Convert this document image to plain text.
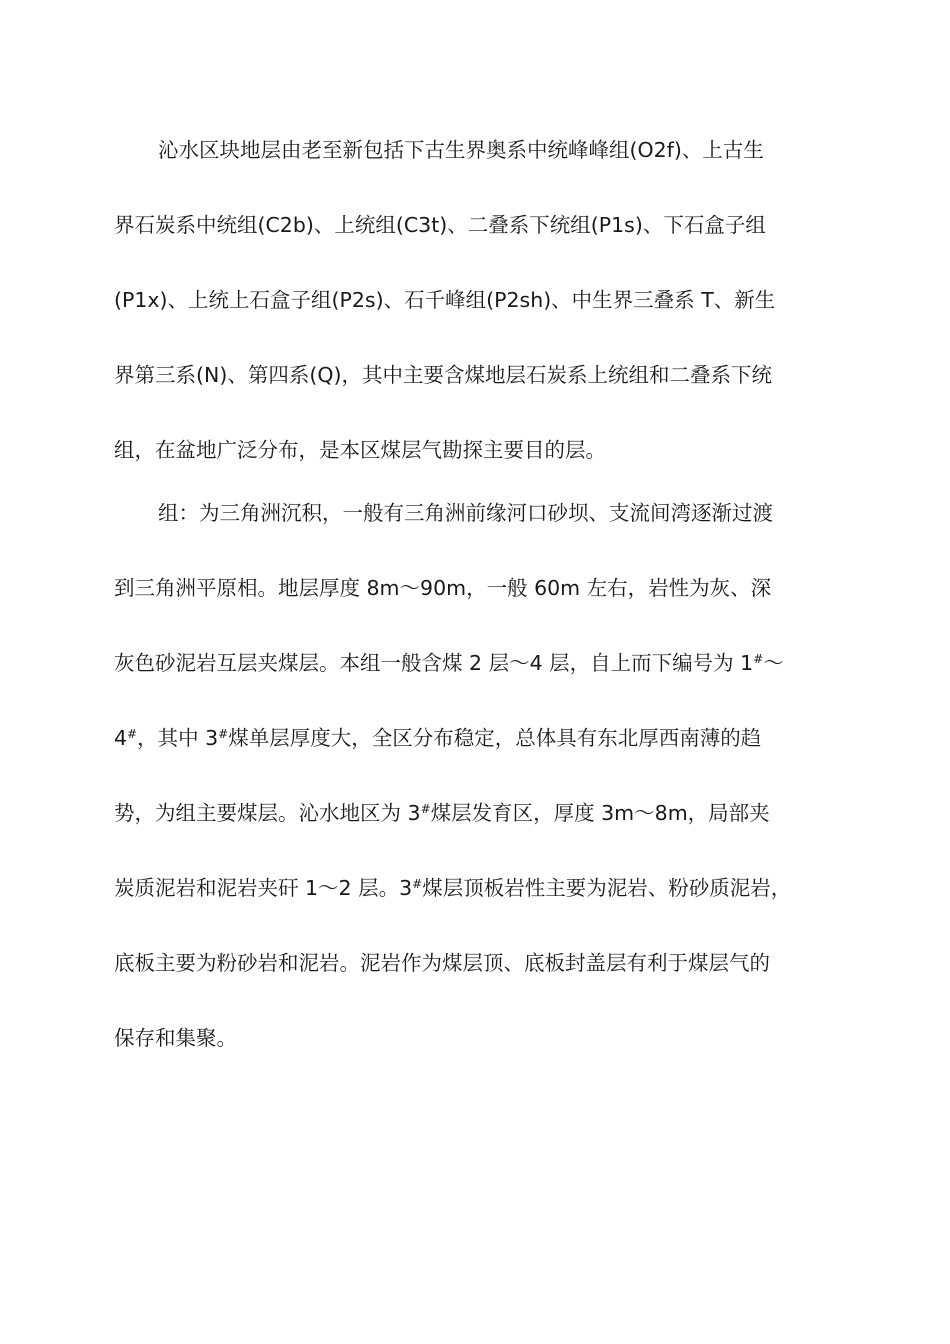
沁水区块地层由老至新包括下古生界奥系中统峰峰组(O2f)、上古生
界石炭系中统组(C2b)、上统组(C3t)、二叠系下统组(P1s)、下石盒子组
(P1x)、上统上石盒子组(P2s)、石千峰组(P2sh)、中生界三叠系 T、新生
界第三系(N)、第四系(Q)，其中主要含煤地层石炭系上统组和二叠系下统
组，在盆地广泛分布，是本区煤层气勘探主要目的层。
组：为三角洲沉积，一般有三角洲前缘河口砂坝、支流间湾逐渐过渡
到三角洲平原相。地层厚度 8m～90m，一般 60m 左右，岩性为灰、深
灰色砂泥岩互层夹煤层。本组一般含煤 2 层～4 层，自上而下编号为 1#～
4#，其中 3#煤单层厚度大，全区分布稳定，总体具有东北厚西南薄的趋
势，为组主要煤层。沁水地区为 3#煤层发育区，厚度 3m～8m，局部夹
炭质泥岩和泥岩夹矸 1～2 层。3#煤层顶板岩性主要为泥岩、粉砂质泥岩，
底板主要为粉砂岩和泥岩。泥岩作为煤层顶、底板封盖层有利于煤层气的
保存和集聚。
